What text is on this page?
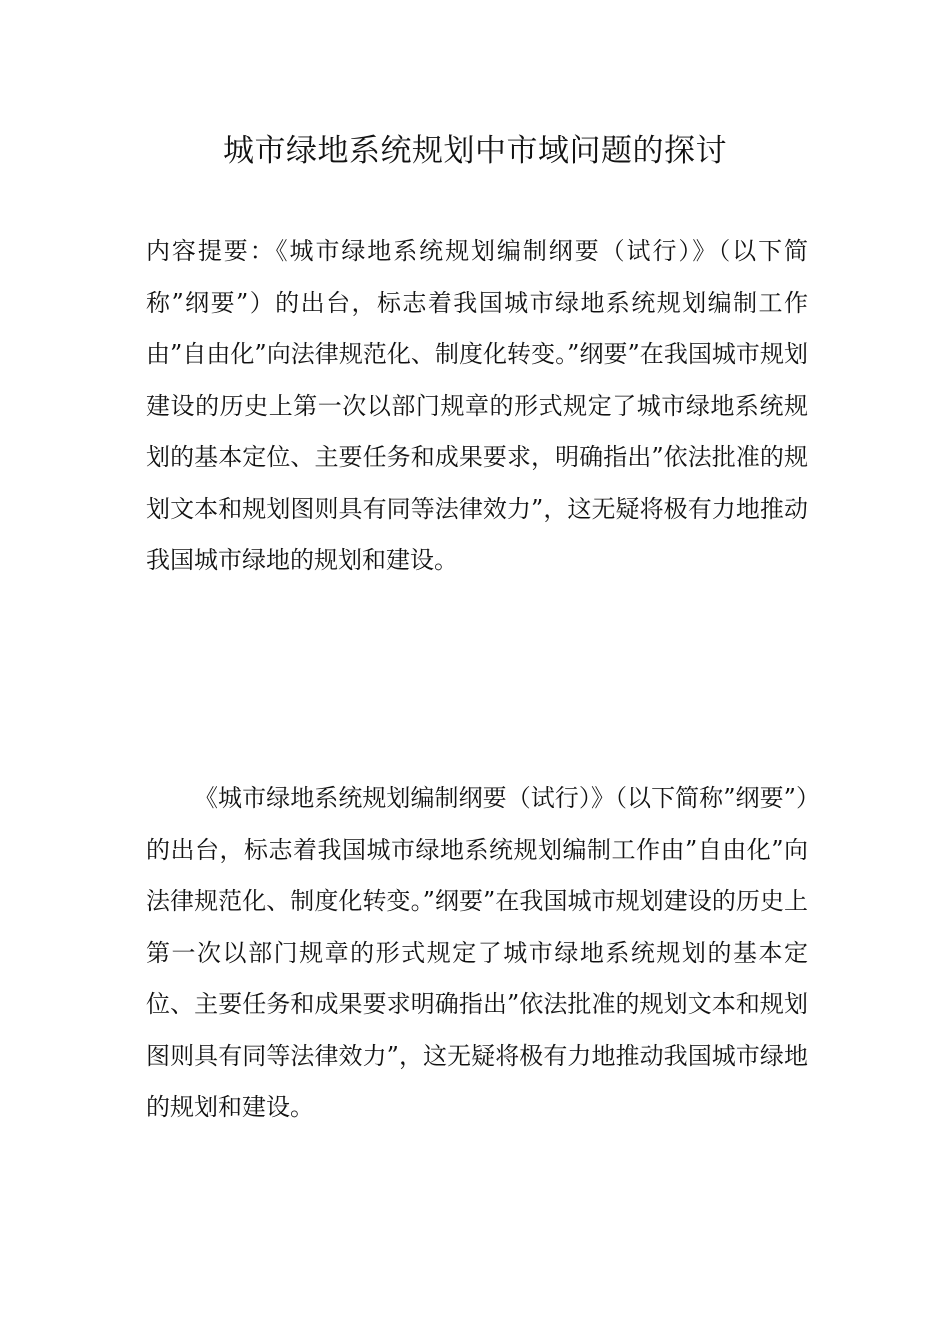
城市绿地系统规划中市域问题的探讨

内容提要：《城市绿地系统规划编制纲要（试行）》（以下简称”纲要”）的出台，标志着我国城市绿地系统规划编制工作由”自由化”向法律规范化、制度化转变。”纲要”在我国城市规划建设的历史上第一次以部门规章的形式规定了城市绿地系统规划的基本定位、主要任务和成果要求，明确指出”依法批准的规划文本和规划图则具有同等法律效力”，这无疑将极有力地推动我国城市绿地的规划和建设。

《城市绿地系统规划编制纲要（试行）》（以下简称”纲要”）的出台，标志着我国城市绿地系统规划编制工作由”自由化”向法律规范化、制度化转变。”纲要”在我国城市规划建设的历史上第一次以部门规章的形式规定了城市绿地系统规划的基本定位、主要任务和成果要求明确指出”依法批准的规划文本和规划图则具有同等法律效力”，这无疑将极有力地推动我国城市绿地的规划和建设。
